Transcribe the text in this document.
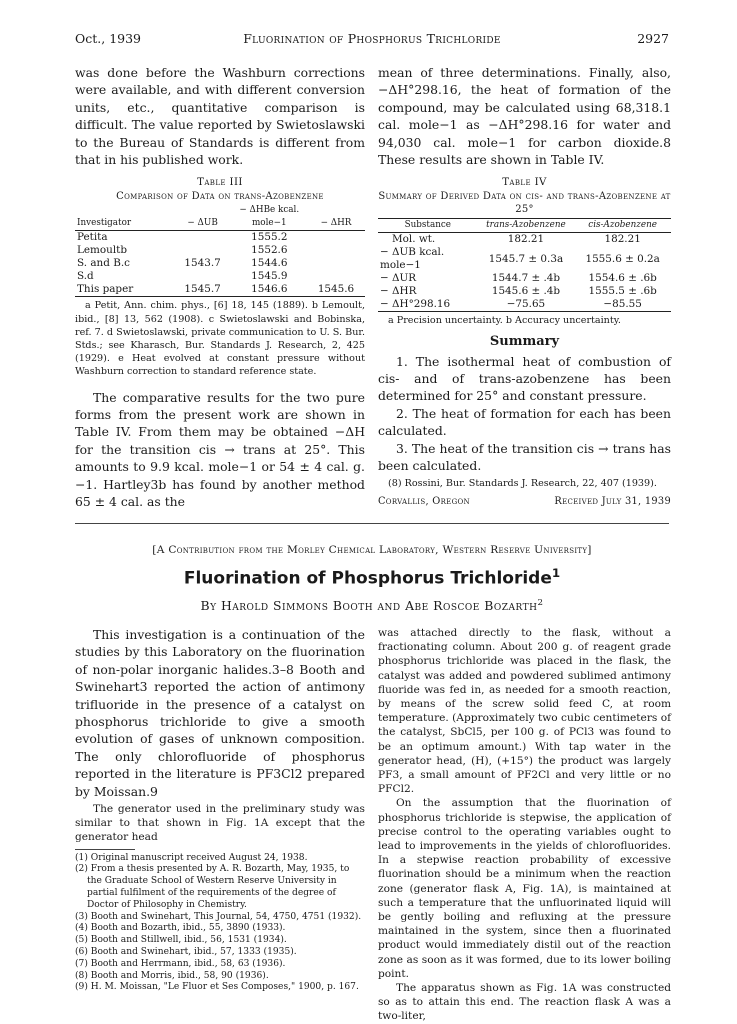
Oct., 1939	Fluorination of Phosphorus Trichloride	2927

was done before the Washburn corrections were available, and with different conversion units, etc., quantitative comparison is difficult. The value reported by Swietoslawski to the Bureau of Standards is different from that in his published work.

Table III
Comparison of Data on trans-Azobenzene
Investigator	− ΔUB	− ΔHBe kcal. mole−1	− ΔHR
Petita		1555.2	
Lemoultb		1552.6	
S. and B.c	1543.7	1544.6	
S.d		1545.9	
This paper	1545.7	1546.6	1545.6

a Petit, Ann. chim. phys., [6] 18, 145 (1889). b Lemoult, ibid., [8] 13, 562 (1908). c Swietoslawski and Bobinska, ref. 7. d Swietoslawski, private communication to U. S. Bur. Stds.; see Kharasch, Bur. Standards J. Research, 2, 425 (1929). e Heat evolved at constant pressure without Washburn correction to standard reference state.

The comparative results for the two pure forms from the present work are shown in Table IV. From them may be obtained −ΔH for the transition cis → trans at 25°. This amounts to 9.9 kcal. mole−1 or 54 ± 4 cal. g.−1. Hartley3b has found by another method 65 ± 4 cal. as the

mean of three determinations. Finally, also, −ΔH°298.16, the heat of formation of the compound, may be calculated using 68,318.1 cal. mole−1 as −ΔH°298.16 for water and 94,030 cal. mole−1 for carbon dioxide.8 These results are shown in Table IV.

Table IV
Summary of Derived Data on cis- and trans-Azobenzene at 25°
Substance	trans-Azobenzene	cis-Azobenzene
Mol. wt.	182.21	182.21
− ΔUB kcal. mole−1	1545.7 ± 0.3a	1555.6 ± 0.2a
− ΔUR	1544.7 ± .4b	1554.6 ± .6b
− ΔHR	1545.6 ± .4b	1555.5 ± .6b
− ΔH°298.16	−75.65	−85.55

a Precision uncertainty. b Accuracy uncertainty.

Summary

1. The isothermal heat of combustion of cis- and of trans-azobenzene has been determined for 25° and constant pressure.

2. The heat of formation for each has been calculated.

3. The heat of the transition cis → trans has been calculated.

(8) Rossini, Bur. Standards J. Research, 22, 407 (1939).

Corvallis, Oregon	Received July 31, 1939
[A Contribution from the Morley Chemical Laboratory, Western Reserve University]
Fluorination of Phosphorus Trichloride$^1$
By Harold Simmons Booth and Abe Roscoe Bozarth$^2$

This investigation is a continuation of the studies by this Laboratory on the fluorination of non-polar inorganic halides.3–8 Booth and Swinehart3 reported the action of antimony trifluoride in the presence of a catalyst on phosphorus trichloride to give a smooth evolution of gases of unknown composition. The only chlorofluoride of phosphorus reported in the literature is PF3Cl2 prepared by Moissan.9

The generator used in the preliminary study was similar to that shown in Fig. 1A except that the generator head

(1) Original manuscript received August 24, 1938.

(2) From a thesis presented by A. R. Bozarth, May, 1935, to the Graduate School of Western Reserve University in partial fulfilment of the requirements of the degree of Doctor of Philosophy in Chemistry.

(3) Booth and Swinehart, This Journal, 54, 4750, 4751 (1932).

(4) Booth and Bozarth, ibid., 55, 3890 (1933).

(5) Booth and Stillwell, ibid., 56, 1531 (1934).

(6) Booth and Swinehart, ibid., 57, 1333 (1935).

(7) Booth and Herrmann, ibid., 58, 63 (1936).

(8) Booth and Morris, ibid., 58, 90 (1936).

(9) H. M. Moissan, "Le Fluor et Ses Composes," 1900, p. 167.

was attached directly to the flask, without a fractionating column. About 200 g. of reagent grade phosphorus trichloride was placed in the flask, the catalyst was added and powdered sublimed antimony fluoride was fed in, as needed for a smooth reaction, by means of the screw solid feed C, at room temperature. (Approximately two cubic centimeters of the catalyst, SbCl5, per 100 g. of PCl3 was found to be an optimum amount.) With tap water in the generator head, (H), (+15°) the product was largely PF3, a small amount of PF2Cl and very little or no PFCl2.

On the assumption that the fluorination of phosphorus trichloride is stepwise, the application of precise control to the operating variables ought to lead to improvements in the yields of chlorofluorides. In a stepwise reaction probability of excessive fluorination should be a minimum when the reaction zone (generator flask A, Fig. 1A), is maintained at such a temperature that the unfluorinated liquid will be gently boiling and refluxing at the pressure maintained in the system, since then a fluorinated product would immediately distil out of the reaction zone as soon as it was formed, due to its lower boiling point.

The apparatus shown as Fig. 1A was constructed so as to attain this end. The reaction flask A was a two-liter,
